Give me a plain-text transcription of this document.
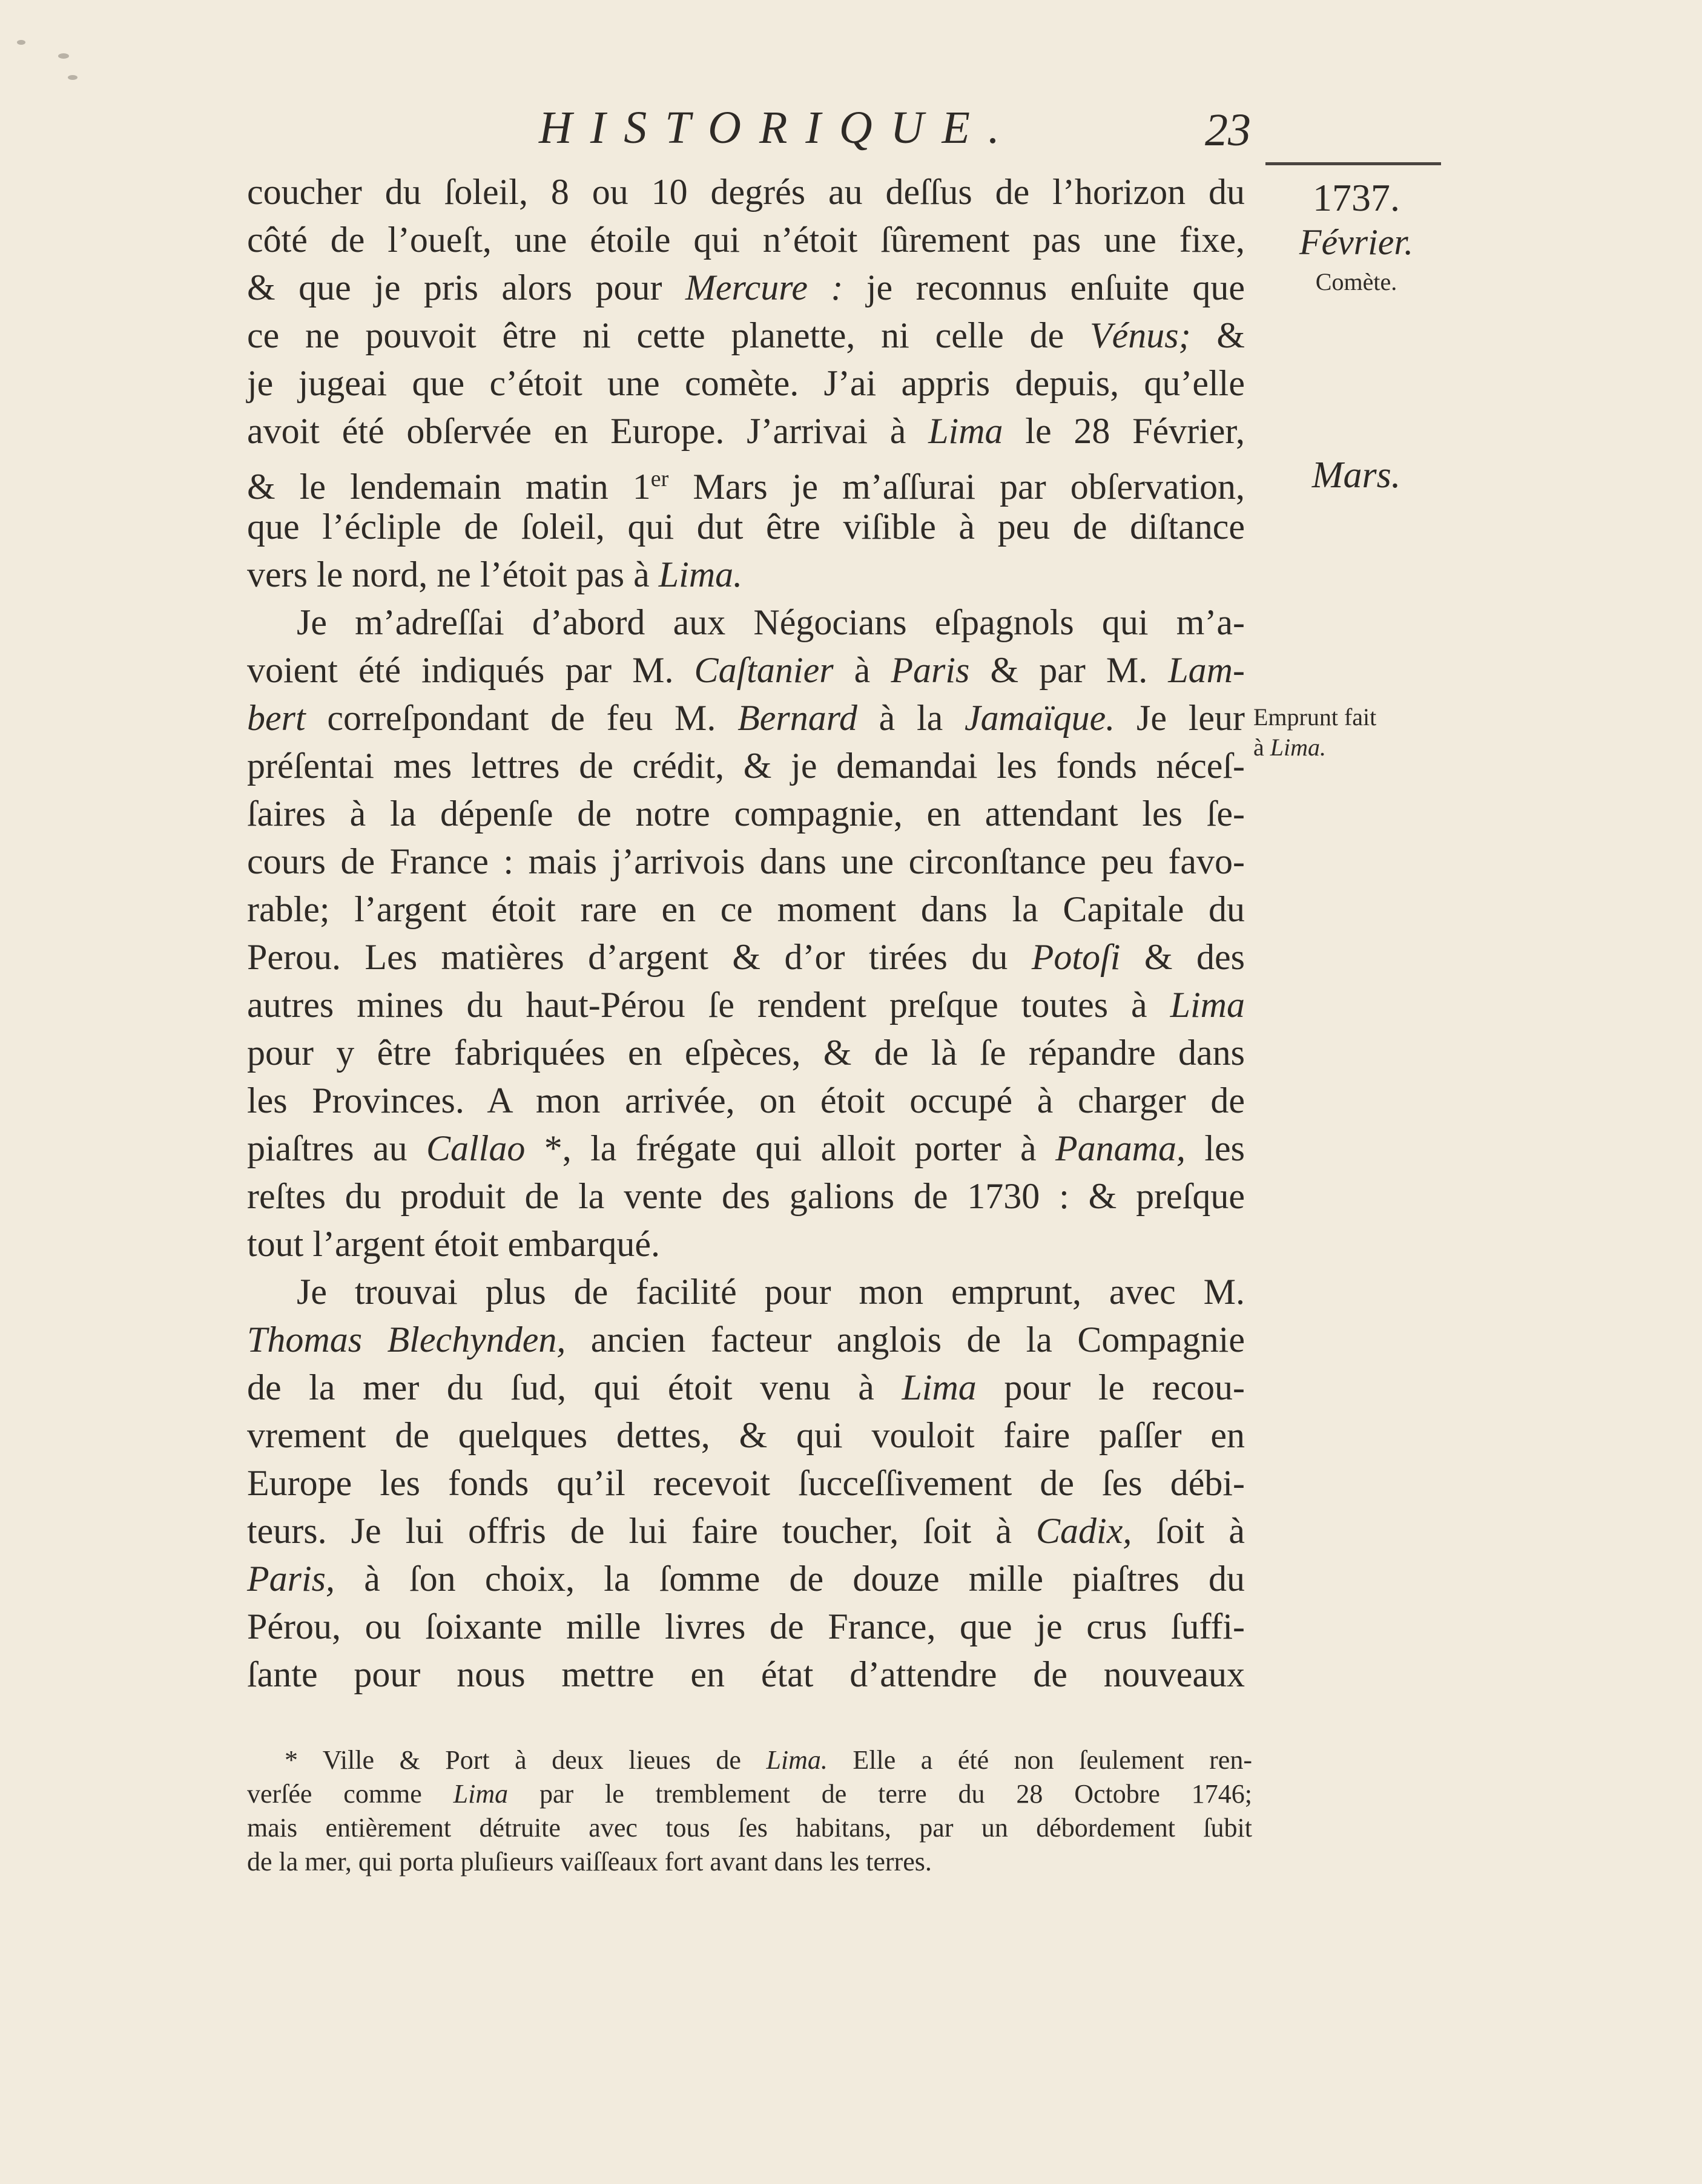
HISTORIQUE.	23
1737.
Février.
Comète.
Mars.
Emprunt fait
à Lima.
coucher du ſoleil, 8 ou 10 degrés au deſſus de l’horizon du
côté de l’oueſt, une étoile qui n’étoit ſûrement pas une fixe,
& que je pris alors pour Mercure : je reconnus enſuite que
ce ne pouvoit être ni cette planette, ni celle de Vénus; &
je jugeai que c’étoit une comète. J’ai appris depuis, qu’elle
avoit été obſervée en Europe. J’arrivai à Lima le 28 Février,
& le lendemain matin 1er Mars je m’aſſurai par obſervation,
que l’écliple de ſoleil, qui dut être viſible à peu de diſtance
vers le nord, ne l’étoit pas à Lima.
Je m’adreſſai d’abord aux Négocians eſpagnols qui m’a-
voient été indiqués par M. Caſtanier à Paris & par M. Lam-
bert correſpondant de feu M. Bernard à la Jamaïque. Je leur
préſentai mes lettres de crédit, & je demandai les fonds néceſ-
ſaires à la dépenſe de notre compagnie, en attendant les ſe-
cours de France : mais j’arrivois dans une circonſtance peu favo-
rable; l’argent étoit rare en ce moment dans la Capitale du
Perou. Les matières d’argent & d’or tirées du Potoſi & des
autres mines du haut-Pérou ſe rendent preſque toutes à Lima
pour y être fabriquées en eſpèces, & de là ſe répandre dans
les Provinces. A mon arrivée, on étoit occupé à charger de
piaſtres au Callao *, la frégate qui alloit porter à Panama, les
reſtes du produit de la vente des galions de 1730 : & preſque
tout l’argent étoit embarqué.
Je trouvai plus de facilité pour mon emprunt, avec M.
Thomas Blechynden, ancien facteur anglois de la Compagnie
de la mer du ſud, qui étoit venu à Lima pour le recou-
vrement de quelques dettes, & qui vouloit faire paſſer en
Europe les fonds qu’il recevoit ſucceſſivement de ſes débi-
teurs. Je lui offris de lui faire toucher, ſoit à Cadix, ſoit à
Paris, à ſon choix, la ſomme de douze mille piaſtres du
Pérou, ou ſoixante mille livres de France, que je crus ſuffi-
ſante pour nous mettre en état d’attendre de nouveaux
* Ville & Port à deux lieues de Lima. Elle a été non ſeulement ren-
verſée comme Lima par le tremblement de terre du 28 Octobre 1746;
mais entièrement détruite avec tous ſes habitans, par un débordement ſubit
de la mer, qui porta pluſieurs vaiſſeaux fort avant dans les terres.
